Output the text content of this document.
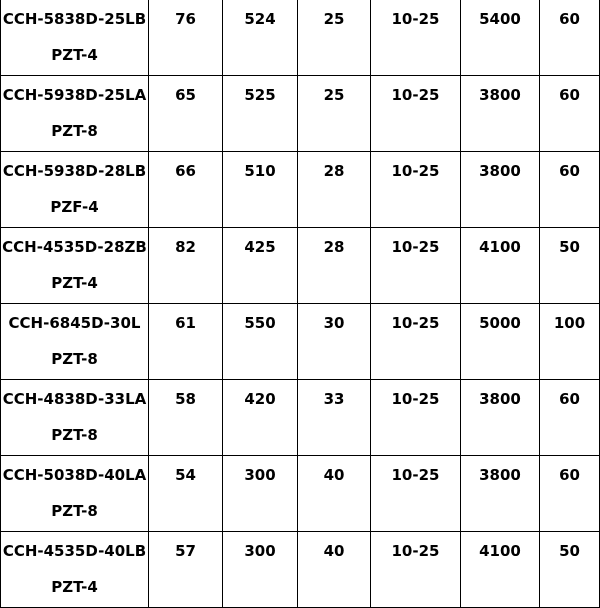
CCH-5838D-25LB
PZT-4	76	524	25	10-25	5400	60

CCH-5938D-25LA
PZT-8	65	525	25	10-25	3800	60

CCH-5938D-28LB
PZF-4	66	510	28	10-25	3800	60

CCH-4535D-28ZB
PZT-4	82	425	28	10-25	4100	50

CCH-6845D-30L
PZT-8	61	550	30	10-25	5000	100

CCH-4838D-33LA
PZT-8	58	420	33	10-25	3800	60

CCH-5038D-40LA
PZT-8	54	300	40	10-25	3800	60

CCH-4535D-40LB
PZT-4	57	300	40	10-25	4100	50
